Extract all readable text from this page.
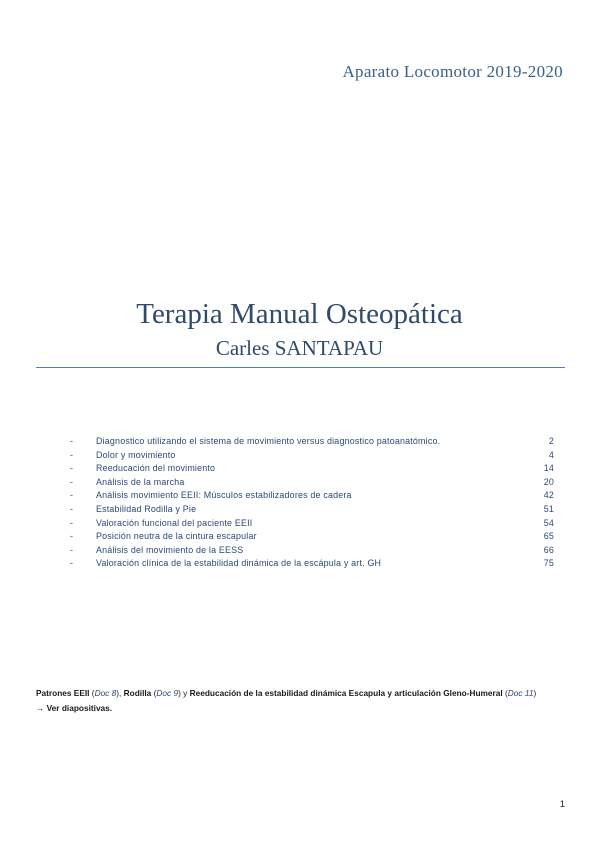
Aparato Locomotor 2019-2020
Terapia Manual Osteopática
Carles SANTAPAU
-	Diagnostico utilizando el sistema de movimiento versus diagnostico patoanatómico.	2
-	Dolor y movimiento	4
-	Reeducación del movimiento	14
-	Análisis de la marcha	20
-	Análisis movimiento EEII: Músculos estabilizadores de cadera	42
-	Estabilidad Rodilla y Pie	51
-	Valoración funcional del paciente EEII	54
-	Posición neutra de la cintura escapular	65
-	Análisis del movimiento de la EESS	66
-	Valoración clínica de la estabilidad dinámica de la escápula y art. GH	75
Patrones EEII (Doc 8), Rodilla (Doc 9) y Reeducación de la estabilidad dinámica Escapula y articulación Gleno-Humeral (Doc 11)
→ Ver diapositivas.
1
